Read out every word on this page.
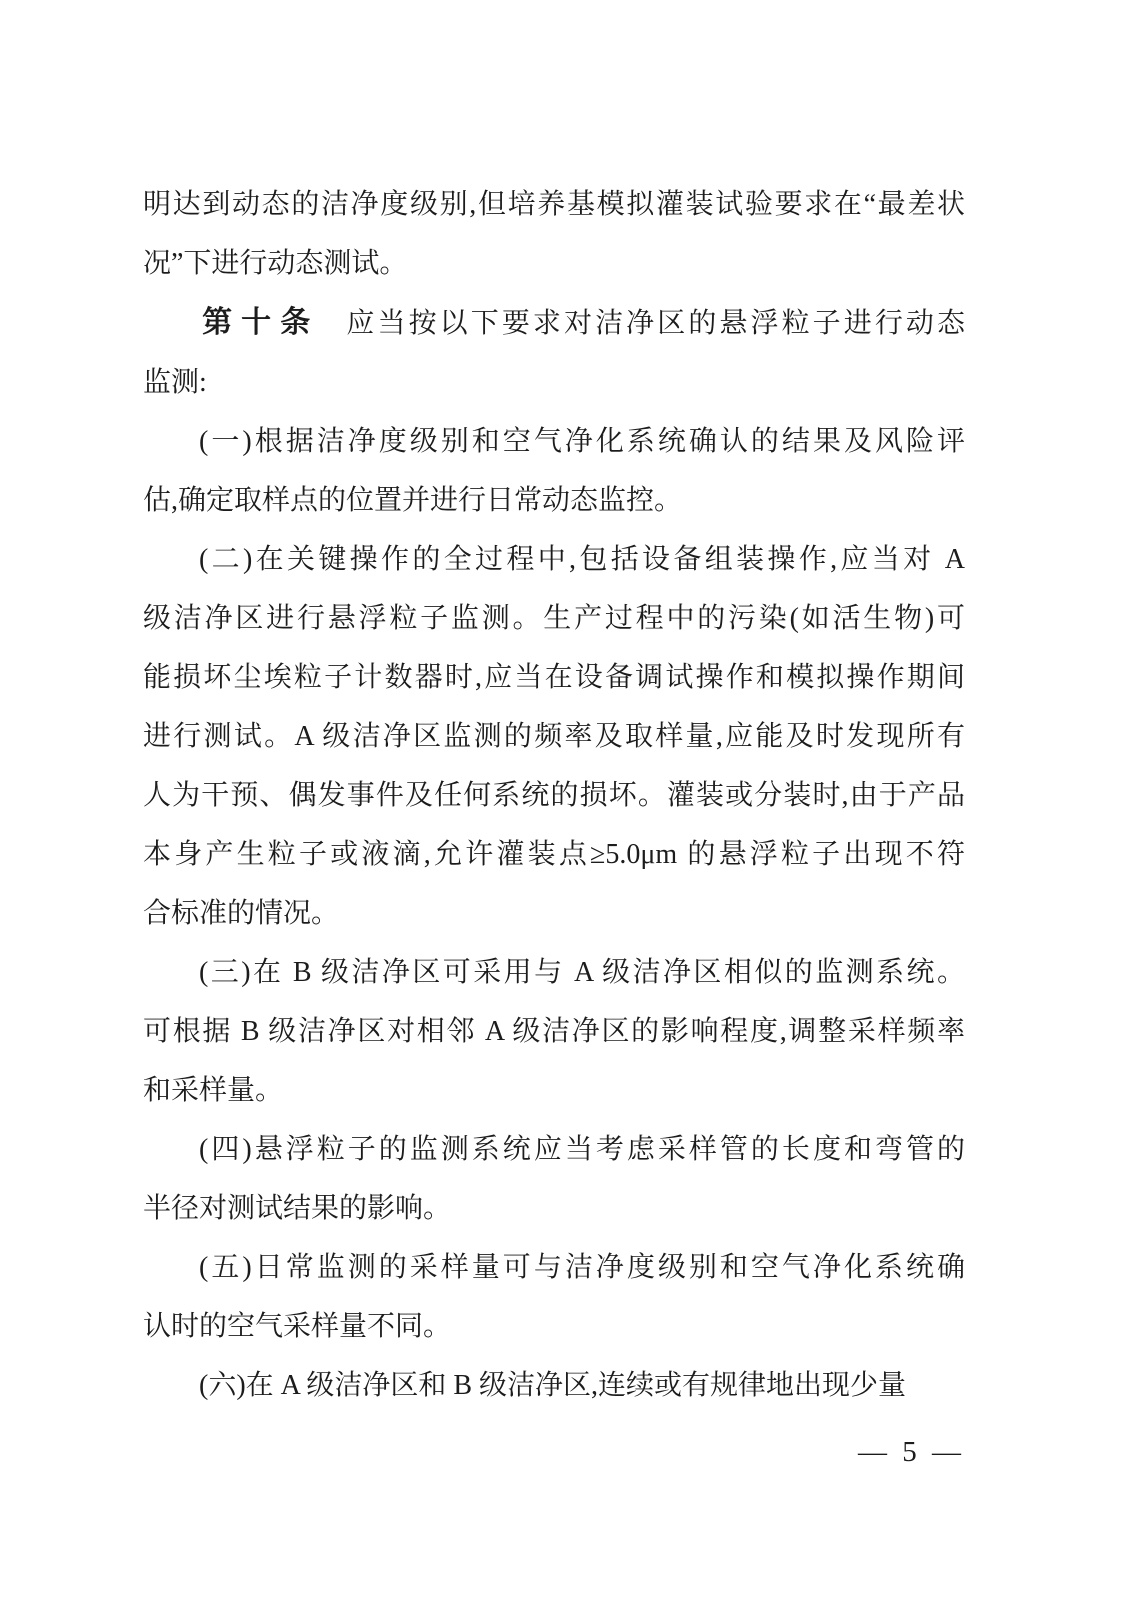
明达到动态的洁净度级别,但培养基模拟灌装试验要求在“最差状
况”下进行动态测试。
第十条 应当按以下要求对洁净区的悬浮粒子进行动态
监测:
(一)根据洁净度级别和空气净化系统确认的结果及风险评
估,确定取样点的位置并进行日常动态监控。
(二)在关键操作的全过程中,包括设备组装操作,应当对 A
级洁净区进行悬浮粒子监测。生产过程中的污染(如活生物)可
能损坏尘埃粒子计数器时,应当在设备调试操作和模拟操作期间
进行测试。A 级洁净区监测的频率及取样量,应能及时发现所有
人为干预、偶发事件及任何系统的损坏。灌装或分装时,由于产品
本身产生粒子或液滴,允许灌装点≥5.0μm 的悬浮粒子出现不符
合标准的情况。
(三)在 B 级洁净区可采用与 A 级洁净区相似的监测系统。
可根据 B 级洁净区对相邻 A 级洁净区的影响程度,调整采样频率
和采样量。
(四)悬浮粒子的监测系统应当考虑采样管的长度和弯管的
半径对测试结果的影响。
(五)日常监测的采样量可与洁净度级别和空气净化系统确
认时的空气采样量不同。
(六)在 A 级洁净区和 B 级洁净区,连续或有规律地出现少量
— 5 —
